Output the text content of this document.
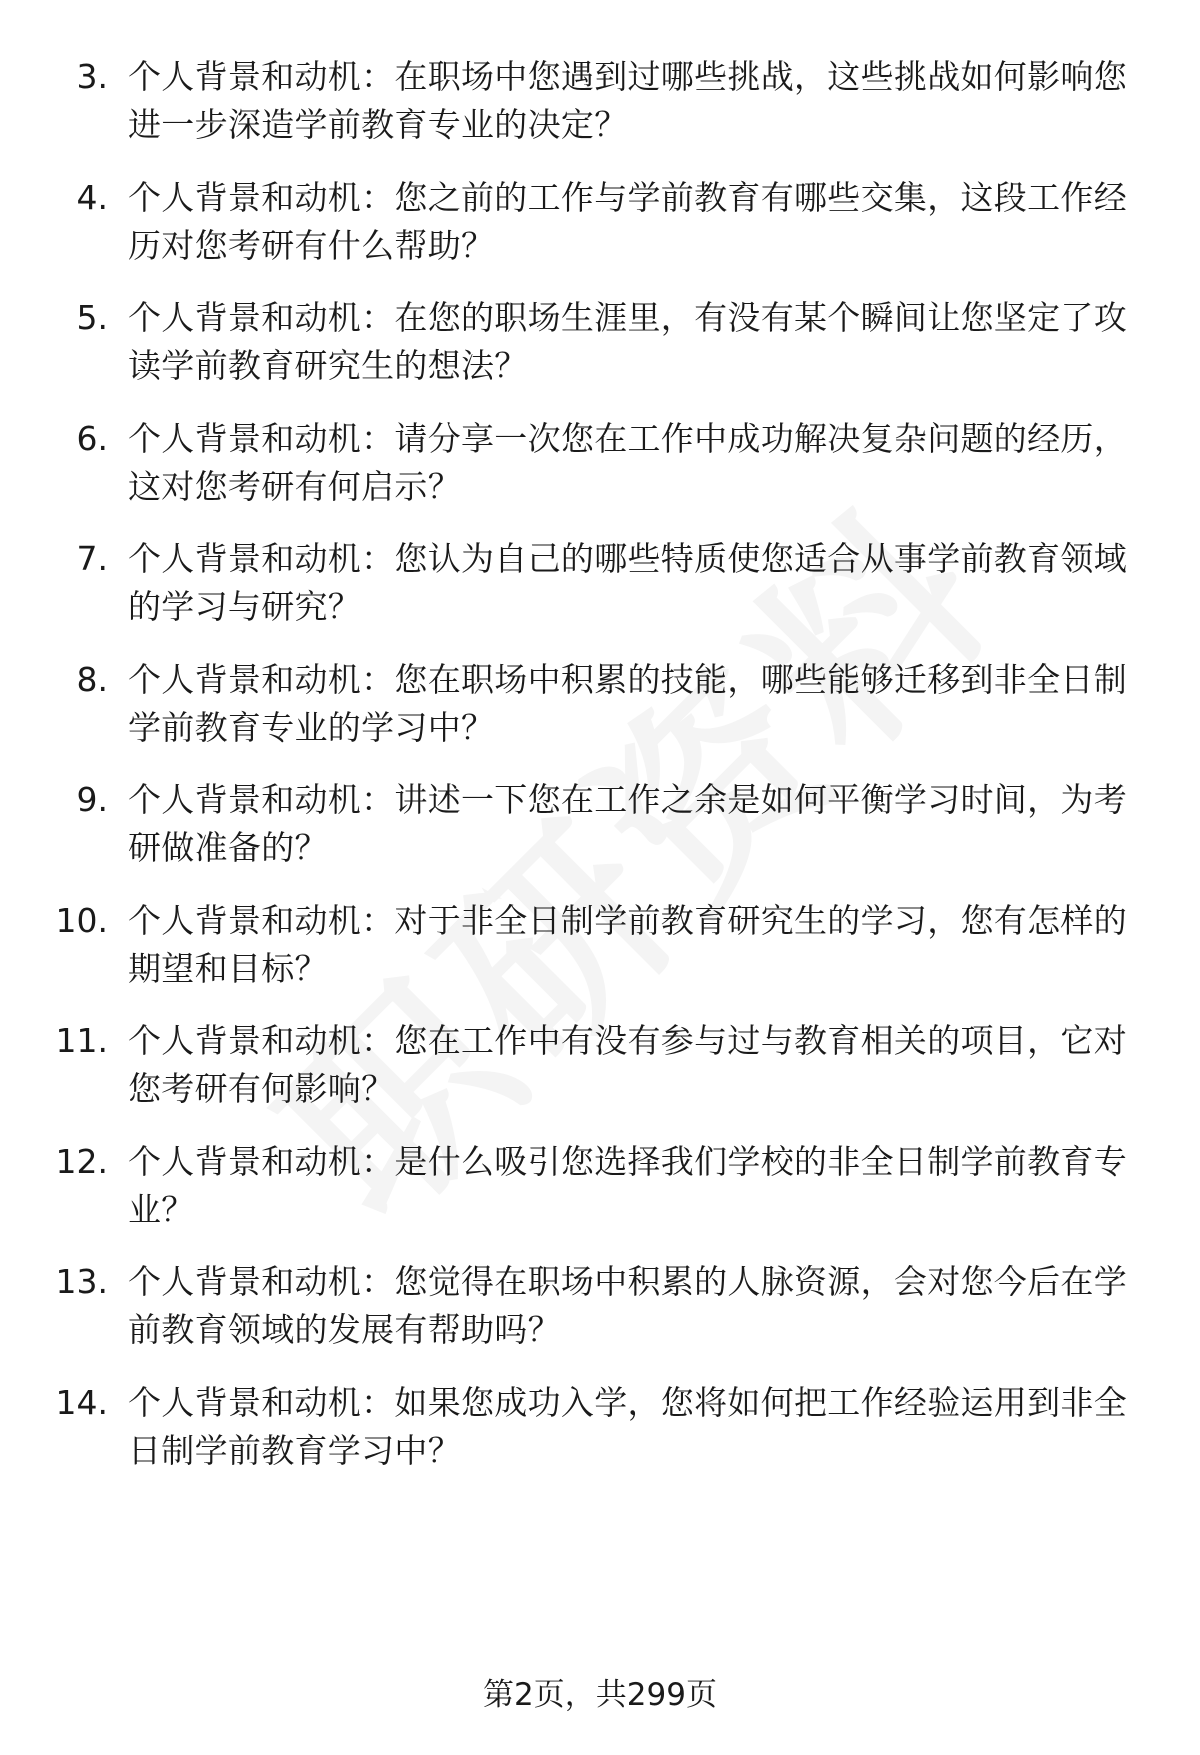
3. 个人背景和动机：在职场中您遇到过哪些挑战，这些挑战如何影响您进一步深造学前教育专业的决定？
4. 个人背景和动机：您之前的工作与学前教育有哪些交集，这段工作经历对您考研有什么帮助？
5. 个人背景和动机：在您的职场生涯里，有没有某个瞬间让您坚定了攻读学前教育研究生的想法？
6. 个人背景和动机：请分享一次您在工作中成功解决复杂问题的经历，这对您考研有何启示？
7. 个人背景和动机：您认为自己的哪些特质使您适合从事学前教育领域的学习与研究？
8. 个人背景和动机：您在职场中积累的技能，哪些能够迁移到非全日制学前教育专业的学习中？
9. 个人背景和动机：讲述一下您在工作之余是如何平衡学习时间，为考研做准备的？
10. 个人背景和动机：对于非全日制学前教育研究生的学习，您有怎样的期望和目标？
11. 个人背景和动机：您在工作中有没有参与过与教育相关的项目，它对您考研有何影响？
12. 个人背景和动机：是什么吸引您选择我们学校的非全日制学前教育专业？
13. 个人背景和动机：您觉得在职场中积累的人脉资源，会对您今后在学前教育领域的发展有帮助吗？
14. 个人背景和动机：如果您成功入学，您将如何把工作经验运用到非全日制学前教育学习中？
第2页，共299页
